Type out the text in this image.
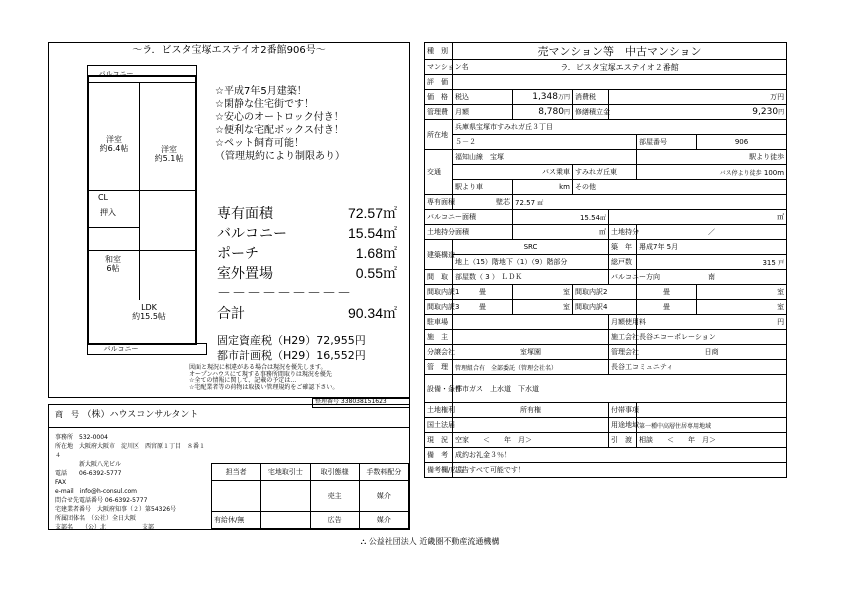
～ラ．ビスタ宝塚エステイオ2番館906号～
バルコニー
洋室
約6.4帖	洋室
約5.1帖
CL
押入
和室
6帖
LDK
約15.5帖
バルコニー
☆平成7年5月建築！
☆閑静な住宅街です！
☆安心のオートロック付き！
☆便利な宅配ボックス付き！
☆ペット飼育可能！
（管理規約により制限あり）
専有面積	72.57㎡
バルコニー	15.54㎡
ポーチ	1.68㎡
室外置場	0.55㎡
－－－－－－－－－
合計	90.34㎡
固定資産税（H29）72,955円
都市計画税（H29）16,552円
図面と現況に相違がある場合は現況を優先します。
オープンハウスにて現する事務所間取りは現況を優先
☆全ての情報に関して、記載の予定は…
☆宅配業者等の荷物は取扱い管理規約をご確認下さい。
整理番号 338038151623
商　号　 （株）ハウスコンサルタント
事務所　532-0004
所在地　大阪府大阪市　淀川区　西宮原１丁目　８番１４
　　　　新大阪八光ビル
電話　　06-6392-5777
FAX
e-mail　info@h-consul.com
問合せ先電話番号 06-6392-5777
宅建業者番号　大阪府知事（２）第54326号
所属団体名　（公社）全日大阪
支部名　　（公）北　　　　　　支部
担当者	宅地取引士	取引態様	手数料配分
		売主	媒介
有給休/無		広告	媒介
種　別	売マンション等　中古マンション					
マンション名	ラ．ビスタ宝塚エステイオ２番館					
評　価						
価　格	税込	1,348万円	消費税	万円		
管理費	月額	8,780円	修繕積立金	9,230円		
所在地	兵庫県宝塚市すみれガ丘３丁目					
	５－２				部屋番号	906
交通	福知山線　宝塚				駅より徒歩	
	バス乗車		すみれガ丘東		バス停より徒歩 100m	
	駅より車	km	その他			
専有面積	壁芯	72.57 ㎡				
バルコニー面積		15.54㎡		㎡		
土地持分面積		㎡		土地持分	／	
建築構造	SRC			築　年　月	平成7年 5月	
	地上（15）階地下（1）（9）階部分			総戸数	315 戸	
間　取	部屋数（ 3 ） ＬＤＫ			バルコニー方向	南	
間取内訳1	畳	室	間取内訳2		畳	室
間取内訳3	畳	室	間取内訳4		畳	室
駐車場				月額使用料	円	
施　主				施工会社	長谷エコーポレーション	
分譲会社	室塚園			管理会社	日商	
管　理	管理組合有　全部委託（管理会社名）			長谷工コミュニティ		
設備・条件	都市ガス　上水道　下水道					
土地権利	所有権			付帯事項		
国土法届				用途地域	第一種中高層住居専用地域	
現　況	空家　　＜　　年　月＞			引　渡	相談　　＜　　年　月＞	
備　考	成約お礼金３％！					
備考欄/広告	広告すべて可能です！					
⛬ 公益社団法人 近畿圏不動産流通機構
